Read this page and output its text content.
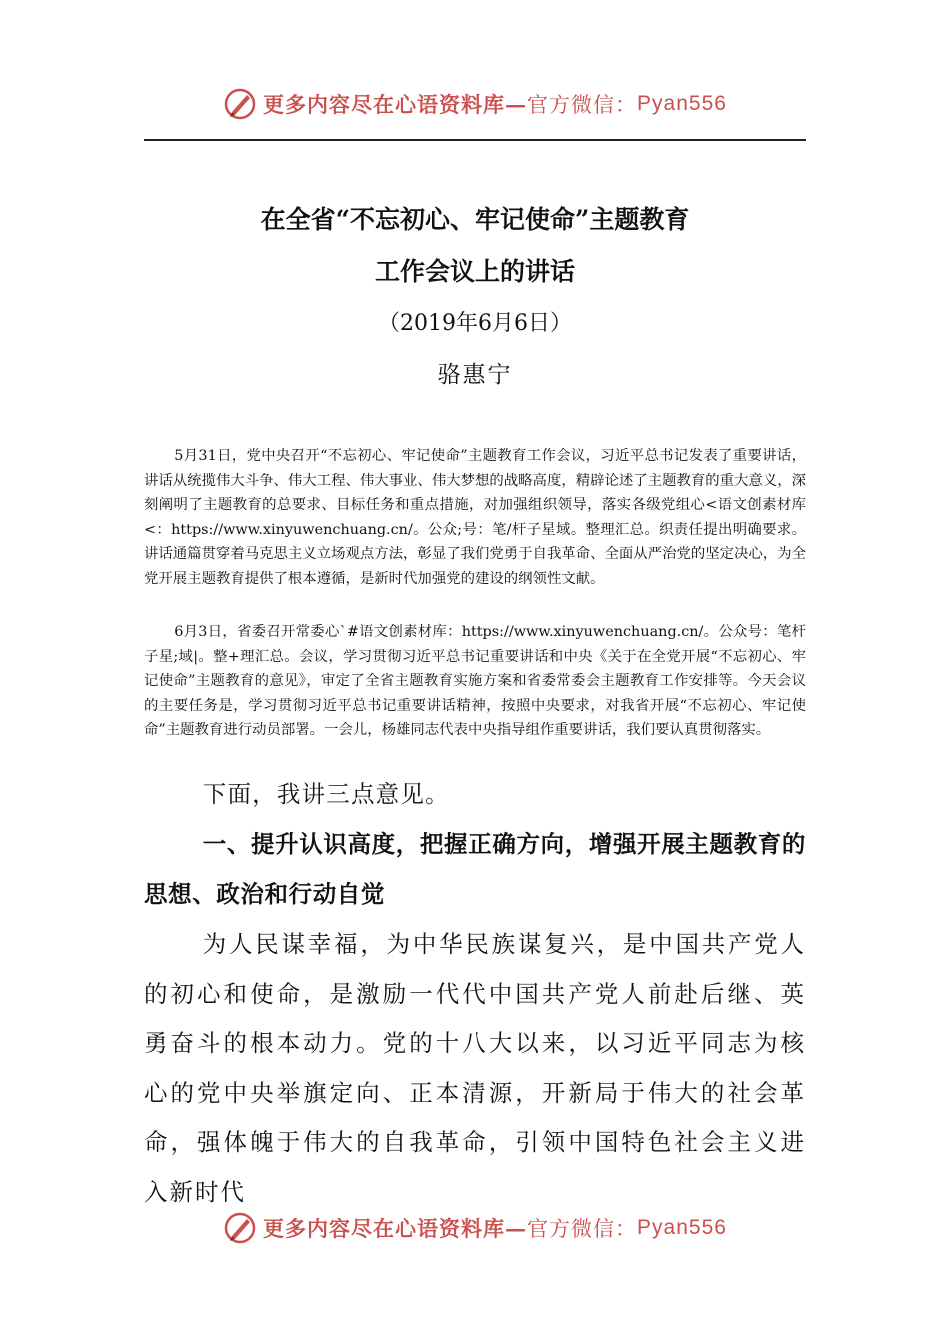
更多内容尽在心语资料库 — 官方微信： Pyan556
在全省“不忘初心、牢记使命”主题教育
工作会议上的讲话
（2019年6月6日）
骆惠宁

5月31日，党中央召开“不忘初心、牢记使命”主题教育工作会议，习近平总书记发表了重要讲话，讲话从统揽伟大斗争、伟大工程、伟大事业、伟大梦想的战略高度，精辟论述了主题教育的重大意义，深刻阐明了主题教育的总要求、目标任务和重点措施，对加强组织领导，落实各级党组心<语文创素材库<：https://www.xinyuwenchuang.cn/。公众;号：笔/杆子星域。整理汇总。织责任提出明确要求。讲话通篇贯穿着马克思主义立场观点方法，彰显了我们党勇于自我革命、全面从严治党的坚定决心，为全党开展主题教育提供了根本遵循，是新时代加强党的建设的纲领性文献。

6月3日，省委召开常委心`#语文创素材库：https://www.xinyuwenchuang.cn/。公众号：笔杆子星;域|。整+理汇总。会议，学习贯彻习近平总书记重要讲话和中央《关于在全党开展“不忘初心、牢记使命”主题教育的意见》，审定了全省主题教育实施方案和省委常委会主题教育工作安排等。今天会议的主要任务是，学习贯彻习近平总书记重要讲话精神，按照中央要求，对我省开展“不忘初心、牢记使命”主题教育进行动员部署。一会儿，杨雄同志代表中央指导组作重要讲话，我们要认真贯彻落实。

下面，我讲三点意见。

一、提升认识高度，把握正确方向，增强开展主题教育的思想、政治和行动自觉

为人民谋幸福，为中华民族谋复兴，是中国共产党人的初心和使命，是激励一代代中国共产党人前赴后继、英勇奋斗的根本动力。党的十八大以来，以习近平同志为核心的党中央举旗定向、正本清源，开新局于伟大的社会革命，强体魄于伟大的自我革命，引领中国特色社会主义进入新时代

更多内容尽在心语资料库 — 官方微信： Pyan556
